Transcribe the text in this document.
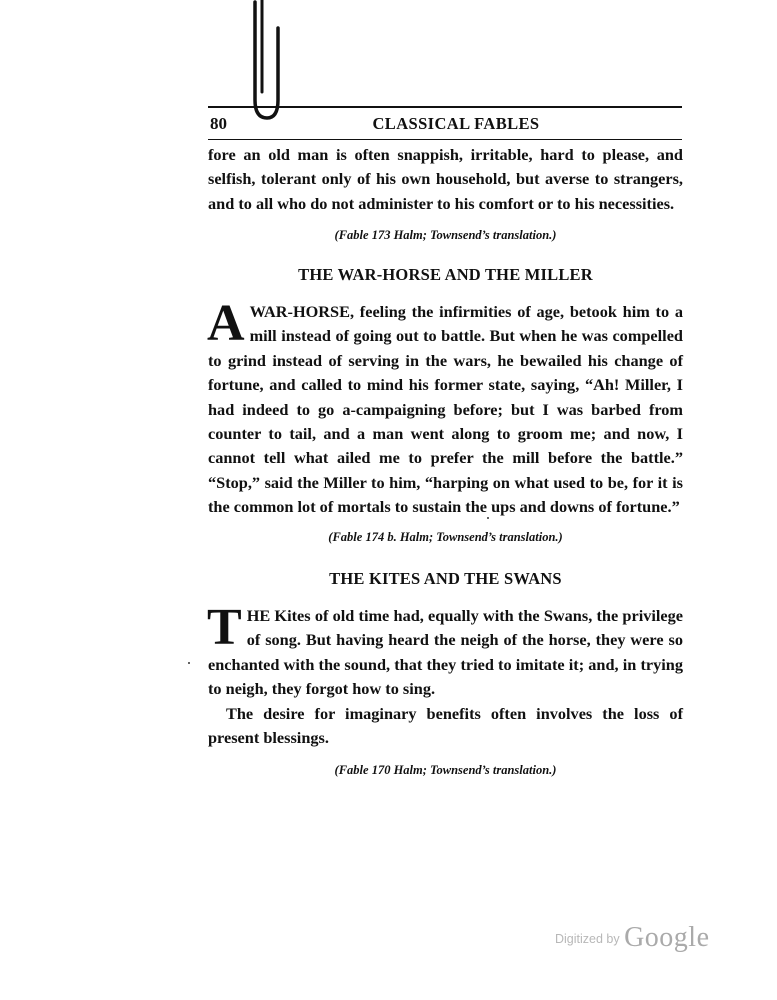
80	CLASSICAL FABLES

fore an old man is often snappish, irritable, hard to please, and selfish, tolerant only of his own household, but averse to strangers, and to all who do not administer to his comfort or to his necessities.

(Fable 173 Halm; Townsend’s translation.)
THE WAR-HORSE AND THE MILLER
A WAR-HORSE, feeling the infirmities of age, betook him to a mill instead of going out to battle. But when he was compelled to grind instead of serving in the wars, he bewailed his change of fortune, and called to mind his former state, saying, “Ah! Miller, I had indeed to go a-campaigning before; but I was barbed from counter to tail, and a man went along to groom me; and now, I cannot tell what ailed me to prefer the mill before the battle.” “Stop,” said the Miller to him, “harping on what used to be, for it is the common lot of mortals to sustain the ups and downs of fortune.”

(Fable 174 b. Halm; Townsend’s translation.)
THE KITES AND THE SWANS
T HE Kites of old time had, equally with the Swans, the privilege of song. But having heard the neigh of the horse, they were so enchanted with the sound, that they tried to imitate it; and, in trying to neigh, they forgot how to sing.

The desire for imaginary benefits often involves the loss of present blessings.

(Fable 170 Halm; Townsend’s translation.)
Digitized by Google
